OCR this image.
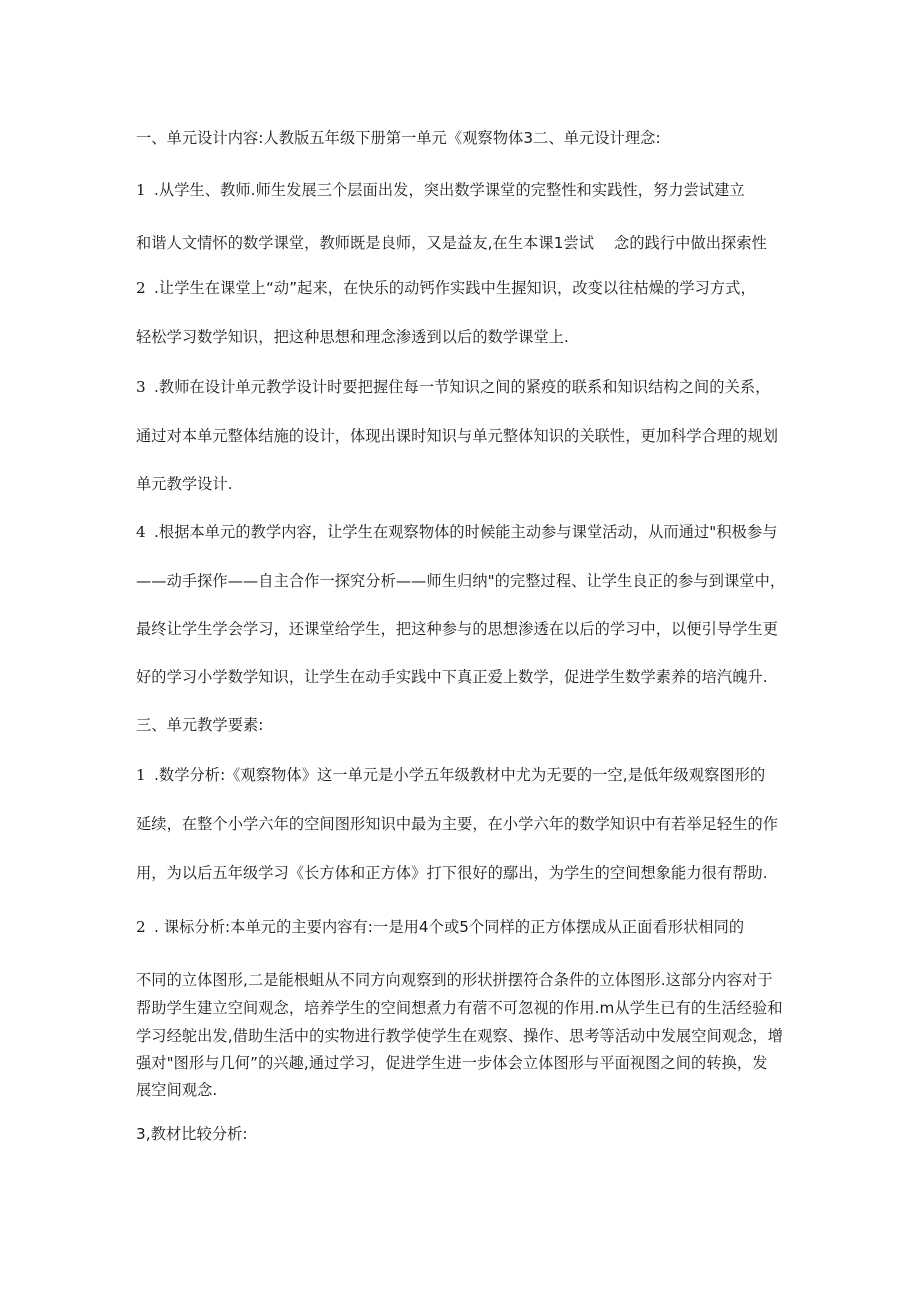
一、单元设计内容:人教版五年级下册第一单元《观察物体3二、单元设计理念:
1 .从学生、教师.师生发展三个层面出发，突出数学课堂的完整性和实践性，努力尝试建立
和谐人文情怀的数学课堂，教师既是良师，又是益友,在生本课1尝试 念的践行中做出探索性
2 .让学生在课堂上“动”起来，在快乐的动钙作实践中生握知识，改变以往枯燥的学习方式，
轻松学习数学知识，把这种思想和理念渗透到以后的数学课堂上.
3 .教师在设计单元教学设计时要把握住每一节知识之间的紧疫的联系和知识结构之间的关系，
通过对本单元整体结施的设计，体现出课时知识与单元整体知识的关联性，更加科学合理的规划
单元教学设计.
4 .根据本单元的教学内容，让学生在观察物体的时候能主动参与课堂活动，从而通过"积极参与
——动手探作——自主合作一探究分析——师生归纳"的完整过程、让学生良正的参与到课堂中，
最终让学生学会学习，还课堂给学生，把这种参与的思想渗透在以后的学习中，以便引导学生更
好的学习小学数学知识，让学生在动手实践中下真正爱上数学，促进学生数学素养的培汽魄升.
三、单元教学要素:
1 .数学分析:《观察物体》这一单元是小学五年级教材中尤为无要的一空,是低年级观察图形的
延续，在整个小学六年的空间图形知识中最为主要，在小学六年的数学知识中有若举足轻生的作
用，为以后五年级学习《长方体和正方体》打下很好的鄢出，为学生的空间想象能力很有帮助.
2 . 课标分析:本单元的主要内容有:一是用4个或5个同样的正方体摆成从正面看形状相同的
不同的立体图形,二是能根蛆从不同方向观察到的形状拼摆符合条件的立体图形.这部分内容对于
帮助学生建立空间观念，培养学生的空间想煮力有蓿不可忽视的作用.m从学生已有的生活经验和
学习经鸵出发,借助生活中的实物进行教学使学生在观察、操作、思考等活动中发展空间观念，增
强对"图形与几何”的兴趣,通过学习，促进学生进一步体会立体图形与平面视图之间的转换，发
展空间观念.
3,教材比较分析:
